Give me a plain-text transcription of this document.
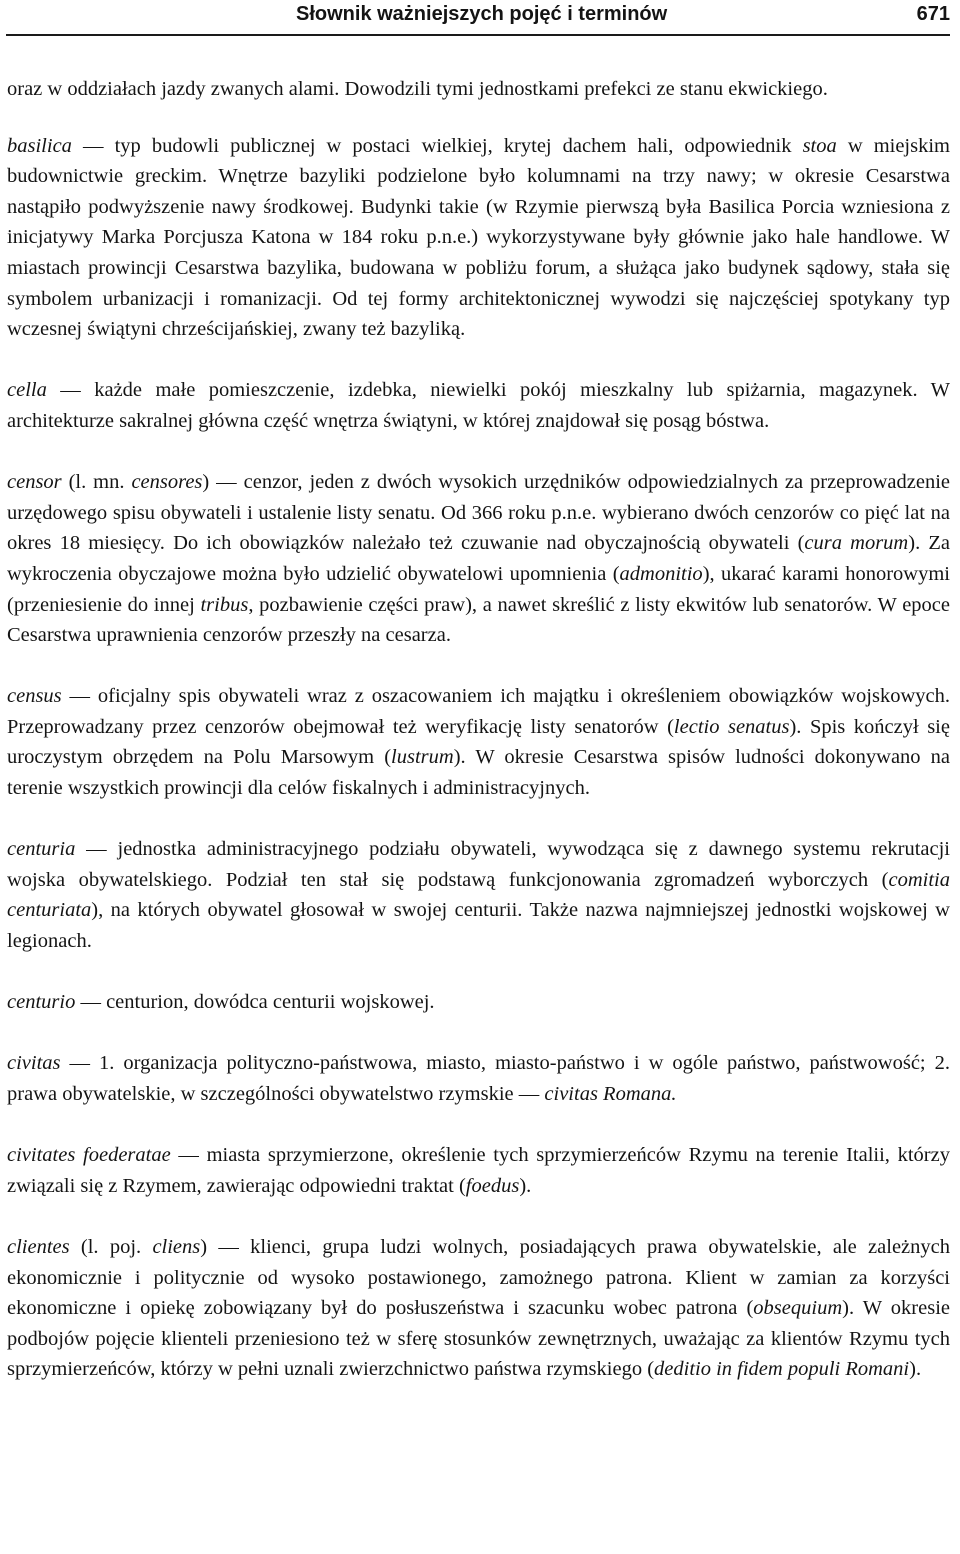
Słownik ważniejszych pojęć i terminów	671

oraz w oddziałach jazdy zwanych alami. Dowodzili tymi jednostkami prefekci ze stanu ekwickiego.

basilica — typ budowli publicznej w postaci wielkiej, krytej dachem hali, odpowiednik stoa w miejskim budownictwie greckim. Wnętrze bazyliki podzielone było kolumnami na trzy nawy; w okresie Cesarstwa nastąpiło podwyższenie nawy środkowej. Budynki takie (w Rzymie pierwszą była Basilica Porcia wzniesiona z inicjatywy Marka Porcjusza Katona w 184 roku p.n.e.) wykorzystywane były głównie jako hale handlowe. W miastach prowincji Cesarstwa bazylika, budowana w pobliżu forum, a służąca jako budynek sądowy, stała się symbolem urbanizacji i romanizacji. Od tej formy architektonicznej wywodzi się najczęściej spotykany typ wczesnej świątyni chrześcijańskiej, zwany też bazyliką.

cella — każde małe pomieszczenie, izdebka, niewielki pokój mieszkalny lub spiżarnia, magazynek. W architekturze sakralnej główna część wnętrza świątyni, w której znajdował się posąg bóstwa.

censor (l. mn. censores) — cenzor, jeden z dwóch wysokich urzędników odpowiedzialnych za przeprowadzenie urzędowego spisu obywateli i ustalenie listy senatu. Od 366 roku p.n.e. wybierano dwóch cenzorów co pięć lat na okres 18 miesięcy. Do ich obowiązków należało też czuwanie nad obyczajnością obywateli (cura morum). Za wykroczenia obyczajowe można było udzielić obywatelowi upomnienia (admonitio), ukarać karami honorowymi (przeniesienie do innej tribus, pozbawienie części praw), a nawet skreślić z listy ekwitów lub senatorów. W epoce Cesarstwa uprawnienia cenzorów przeszły na cesarza.

census — oficjalny spis obywateli wraz z oszacowaniem ich majątku i określeniem obowiązków wojskowych. Przeprowadzany przez cenzorów obejmował też weryfikację listy senatorów (lectio senatus). Spis kończył się uroczystym obrzędem na Polu Marsowym (lustrum). W okresie Cesarstwa spisów ludności dokonywano na terenie wszystkich prowincji dla celów fiskalnych i administracyjnych.

centuria — jednostka administracyjnego podziału obywateli, wywodząca się z dawnego systemu rekrutacji wojska obywatelskiego. Podział ten stał się podstawą funkcjonowania zgromadzeń wyborczych (comitia centuriata), na których obywatel głosował w swojej centurii. Także nazwa najmniejszej jednostki wojskowej w legionach.

centurio — centurion, dowódca centurii wojskowej.

civitas — 1. organizacja polityczno-państwowa, miasto, miasto-państwo i w ogóle państwo, państwowość; 2. prawa obywatelskie, w szczególności obywatelstwo rzymskie — civitas Romana.

civitates foederatae — miasta sprzymierzone, określenie tych sprzymierzeńców Rzymu na terenie Italii, którzy związali się z Rzymem, zawierając odpowiedni traktat (foedus).

clientes (l. poj. cliens) — klienci, grupa ludzi wolnych, posiadających prawa obywatelskie, ale zależnych ekonomicznie i politycznie od wysoko postawionego, zamożnego patrona. Klient w zamian za korzyści ekonomiczne i opiekę zobowiązany był do posłuszeństwa i szacunku wobec patrona (obsequium). W okresie podbojów pojęcie klienteli przeniesiono też w sferę stosunków zewnętrznych, uważając za klientów Rzymu tych sprzymierzeńców, którzy w pełni uznali zwierzchnictwo państwa rzymskiego (deditio in fidem populi Romani).
